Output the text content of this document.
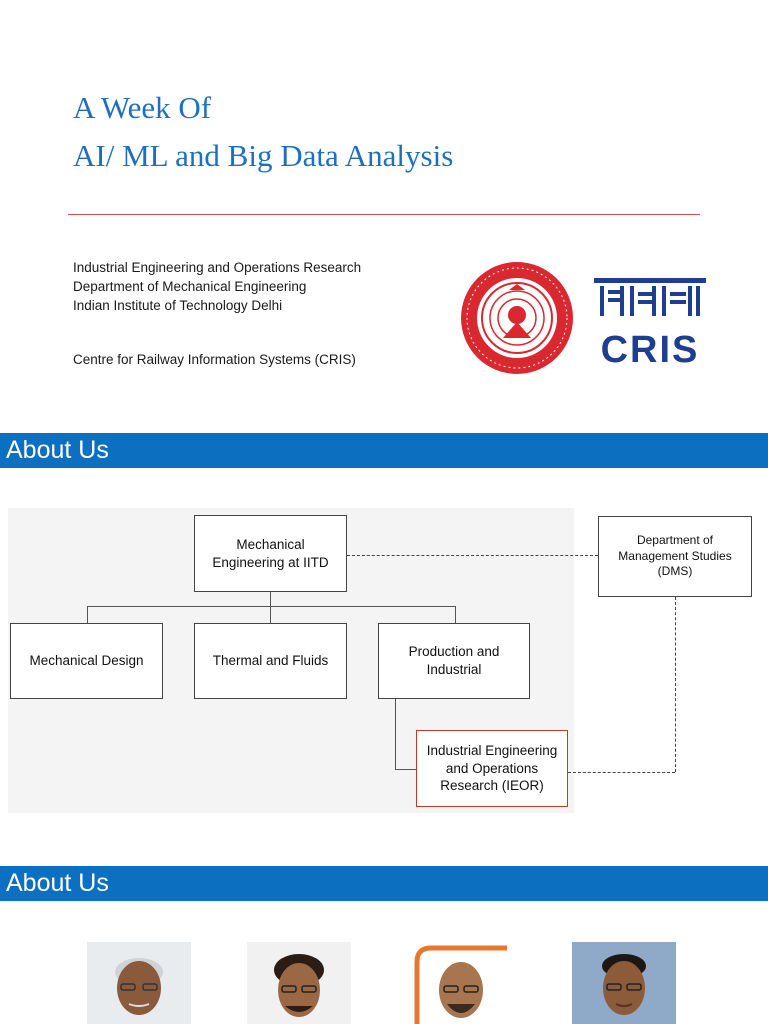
A Week Of
AI/ ML and Big Data Analysis
Industrial Engineering and Operations Research
Department of Mechanical Engineering
Indian Institute of Technology Delhi
Centre for Railway Information Systems (CRIS)	CRIS
About Us
Mechanical Engineering at IITD
Department of Management Studies (DMS)
Mechanical Design	Thermal and Fluids
Production and Industrial
Industrial Engineering and Operations Research (IEOR)
About Us
